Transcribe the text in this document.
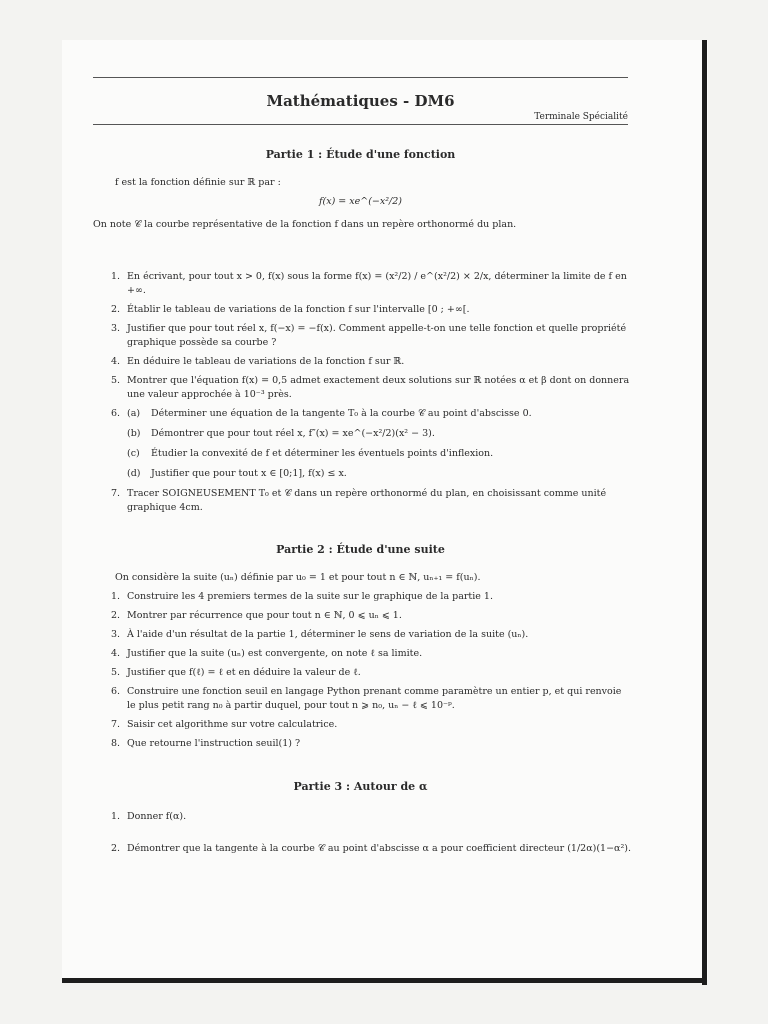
Mathématiques - DM6
Terminale Spécialité
Partie 1 : Étude d'une fonction
f est la fonction définie sur ℝ par :
f(x) = xe^(−x²/2)
On note 𝒞 la courbe représentative de la fonction f dans un repère orthonormé du plan.
1. En écrivant, pour tout x > 0, f(x) sous la forme f(x) = (x²/2) / e^(x²/2) × 2/x, déterminer la limite de f en +∞.
2. Établir le tableau de variations de la fonction f sur l'intervalle [0 ; +∞[.
3. Justifier que pour tout réel x, f(−x) = −f(x). Comment appelle-t-on une telle fonction et quelle propriété graphique possède sa courbe ?
4. En déduire le tableau de variations de la fonction f sur ℝ.
5. Montrer que l'équation f(x) = 0,5 admet exactement deux solutions sur ℝ notées α et β dont on donnera une valeur approchée à 10⁻³ près.
6. (a) Déterminer une équation de la tangente T₀ à la courbe 𝒞 au point d'abscisse 0.
(b) Démontrer que pour tout réel x, f″(x) = xe^(−x²/2)(x² − 3).
(c) Étudier la convexité de f et déterminer les éventuels points d'inflexion.
(d) Justifier que pour tout x ∈ [0;1], f(x) ≤ x.
7. Tracer SOIGNEUSEMENT T₀ et 𝒞 dans un repère orthonormé du plan, en choisissant comme unité graphique 4cm.
Partie 2 : Étude d'une suite
On considère la suite (uₙ) définie par u₀ = 1 et pour tout n ∈ ℕ, uₙ₊₁ = f(uₙ).
1. Construire les 4 premiers termes de la suite sur le graphique de la partie 1.
2. Montrer par récurrence que pour tout n ∈ ℕ, 0 ⩽ uₙ ⩽ 1.
3. À l'aide d'un résultat de la partie 1, déterminer le sens de variation de la suite (uₙ).
4. Justifier que la suite (uₙ) est convergente, on note ℓ sa limite.
5. Justifier que f(ℓ) = ℓ et en déduire la valeur de ℓ.
6. Construire une fonction seuil en langage Python prenant comme paramètre un entier p, et qui renvoie le plus petit rang n₀ à partir duquel, pour tout n ⩾ n₀, uₙ − ℓ ⩽ 10⁻ᵖ.
7. Saisir cet algorithme sur votre calculatrice.
8. Que retourne l'instruction seuil(1) ?
Partie 3 : Autour de α
1. Donner f(α).
2. Démontrer que la tangente à la courbe 𝒞 au point d'abscisse α a pour coefficient directeur (1/2α)(1−α²).
